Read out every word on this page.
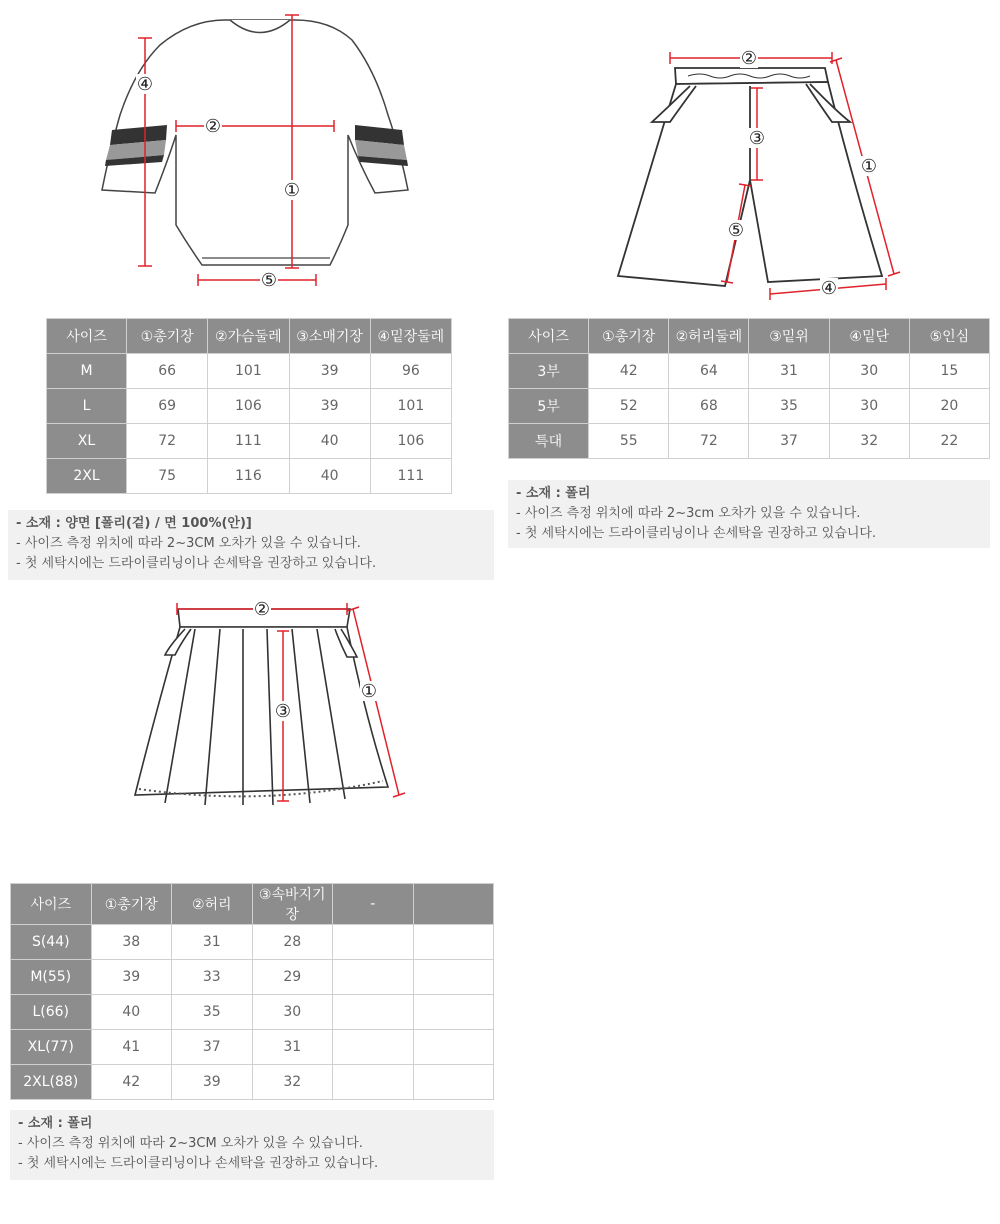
④
②
①
⑤
②
①
③
⑤
④
사이즈	①총기장	②가슴둘레	③소매기장	④밑장둘레
M	66	101	39	96
L	69	106	39	101
XL	72	111	40	106
2XL	75	116	40	111
- 소재 : 양면 [폴리(겉) / 면 100%(안)]
- 사이즈 측정 위치에 따라 2~3CM 오차가 있을 수 있습니다.
- 첫 세탁시에는 드라이클리닝이나 손세탁을 권장하고 있습니다.
사이즈	①총기장	②허리둘레	③밑위	④밑단	⑤인심
3부	42	64	31	30	15
5부	52	68	35	30	20
특대	55	72	37	32	22
- 소재 : 폴리
- 사이즈 측정 위치에 따라 2~3cm 오차가 있을 수 있습니다.
- 첫 세탁시에는 드라이클리닝이나 손세탁을 권장하고 있습니다.
②
①
③
사이즈	①총기장	②허리	③속바지기장	-	
S(44)	38	31	28		
M(55)	39	33	29		
L(66)	40	35	30		
XL(77)	41	37	31		
2XL(88)	42	39	32		
- 소재 : 폴리
- 사이즈 측정 위치에 따라 2~3CM 오차가 있을 수 있습니다.
- 첫 세탁시에는 드라이클리닝이나 손세탁을 권장하고 있습니다.
